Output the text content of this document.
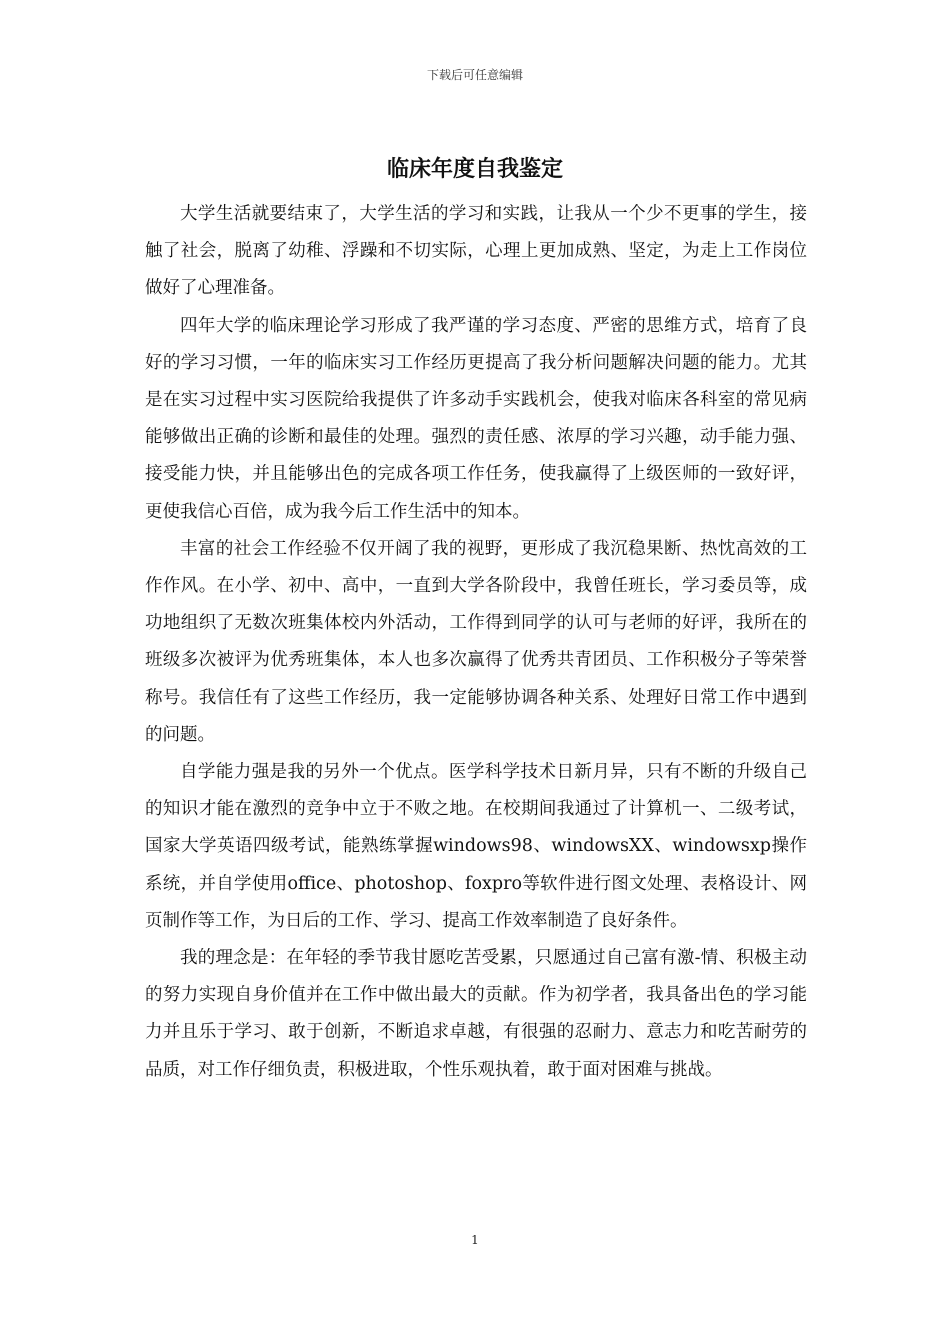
下载后可任意编辑
临床年度自我鉴定

大学生活就要结束了，大学生活的学习和实践，让我从一个少不更事的学生，接触了社会，脱离了幼稚、浮躁和不切实际，心理上更加成熟、坚定，为走上工作岗位做好了心理准备。

四年大学的临床理论学习形成了我严谨的学习态度、严密的思维方式，培育了良好的学习习惯，一年的临床实习工作经历更提高了我分析问题解决问题的能力。尤其是在实习过程中实习医院给我提供了许多动手实践机会，使我对临床各科室的常见病能够做出正确的诊断和最佳的处理。强烈的责任感、浓厚的学习兴趣，动手能力强、接受能力快，并且能够出色的完成各项工作任务，使我赢得了上级医师的一致好评，更使我信心百倍，成为我今后工作生活中的知本。

丰富的社会工作经验不仅开阔了我的视野，更形成了我沉稳果断、热忱高效的工作作风。在小学、初中、高中，一直到大学各阶段中，我曾任班长，学习委员等，成功地组织了无数次班集体校内外活动，工作得到同学的认可与老师的好评，我所在的班级多次被评为优秀班集体，本人也多次赢得了优秀共青团员、工作积极分子等荣誉称号。我信任有了这些工作经历，我一定能够协调各种关系、处理好日常工作中遇到的问题。

自学能力强是我的另外一个优点。医学科学技术日新月异，只有不断的升级自己的知识才能在激烈的竞争中立于不败之地。在校期间我通过了计算机一、二级考试，国家大学英语四级考试，能熟练掌握windows98、windowsXX、windowsxp操作系统，并自学使用office、photoshop、foxpro等软件进行图文处理、表格设计、网页制作等工作，为日后的工作、学习、提高工作效率制造了良好条件。

我的理念是：在年轻的季节我甘愿吃苦受累，只愿通过自己富有激-情、积极主动的努力实现自身价值并在工作中做出最大的贡献。作为初学者，我具备出色的学习能力并且乐于学习、敢于创新，不断追求卓越，有很强的忍耐力、意志力和吃苦耐劳的品质，对工作仔细负责，积极进取，个性乐观执着，敢于面对困难与挑战。

1
